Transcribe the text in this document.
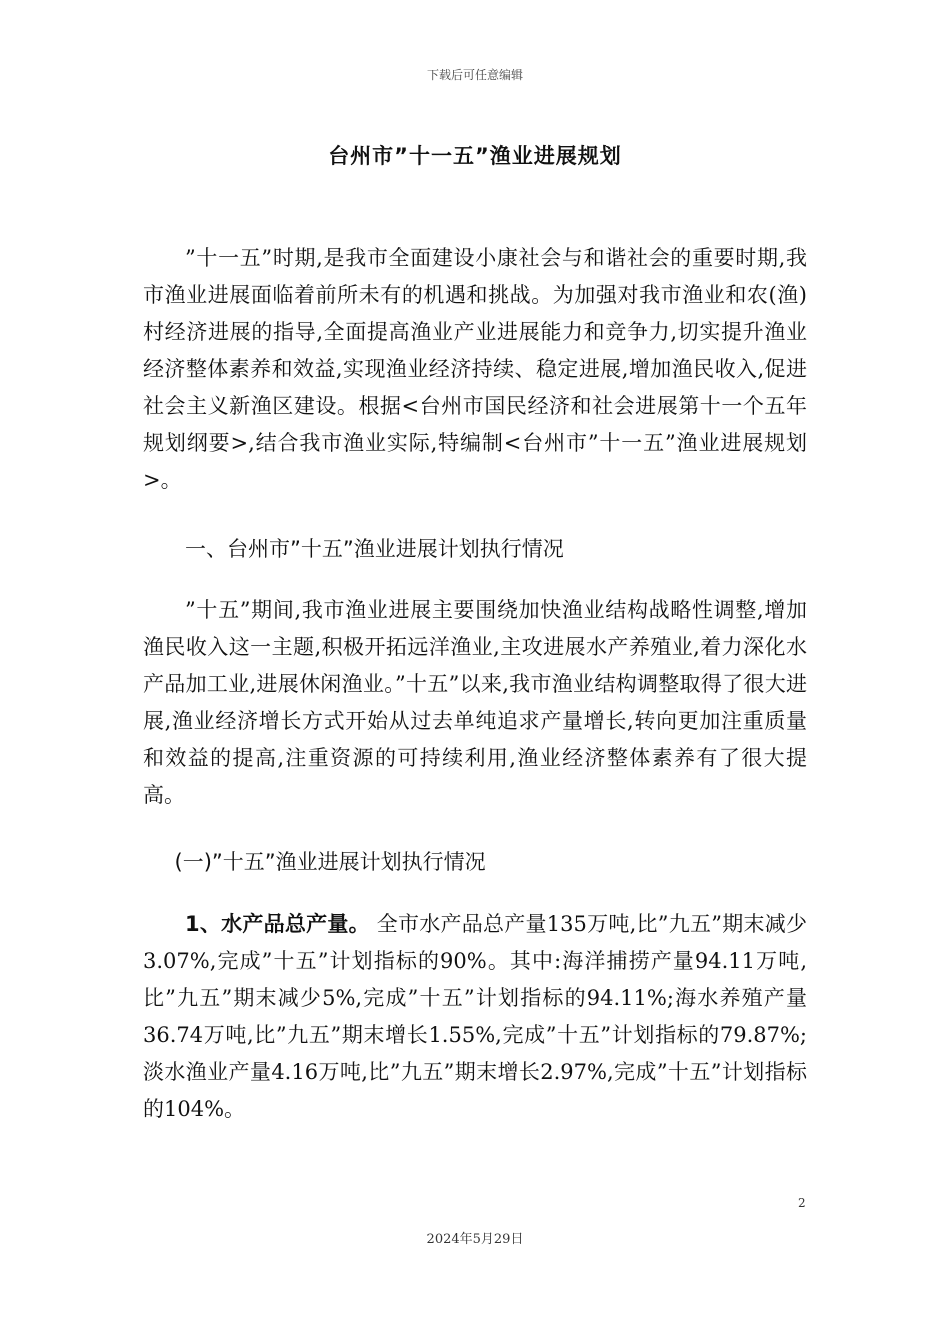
下载后可任意编辑
台州市”十一五”渔业进展规划

”十一五”时期,是我市全面建设小康社会与和谐社会的重要时期,我市渔业进展面临着前所未有的机遇和挑战。为加强对我市渔业和农(渔)村经济进展的指导,全面提高渔业产业进展能力和竞争力,切实提升渔业经济整体素养和效益,实现渔业经济持续、稳定进展,增加渔民收入,促进社会主义新渔区建设。根据<台州市国民经济和社会进展第十一个五年规划纲要>,结合我市渔业实际,特编制<台州市”十一五”渔业进展规划>。

一、台州市”十五”渔业进展计划执行情况

”十五”期间,我市渔业进展主要围绕加快渔业结构战略性调整,增加渔民收入这一主题,积极开拓远洋渔业,主攻进展水产养殖业,着力深化水产品加工业,进展休闲渔业。”十五”以来,我市渔业结构调整取得了很大进展,渔业经济增长方式开始从过去单纯追求产量增长,转向更加注重质量和效益的提高,注重资源的可持续利用,渔业经济整体素养有了很大提高。

(一)”十五”渔业进展计划执行情况

1、水产品总产量。 全市水产品总产量135万吨,比”九五”期末减少3.07%,完成”十五”计划指标的90%。其中:海洋捕捞产量94.11万吨,比”九五”期末减少5%,完成”十五”计划指标的94.11%;海水养殖产量36.74万吨,比”九五”期末增长1.55%,完成”十五”计划指标的79.87%;淡水渔业产量4.16万吨,比”九五”期末增长2.97%,完成”十五”计划指标的104%。

2
2024年5月29日
